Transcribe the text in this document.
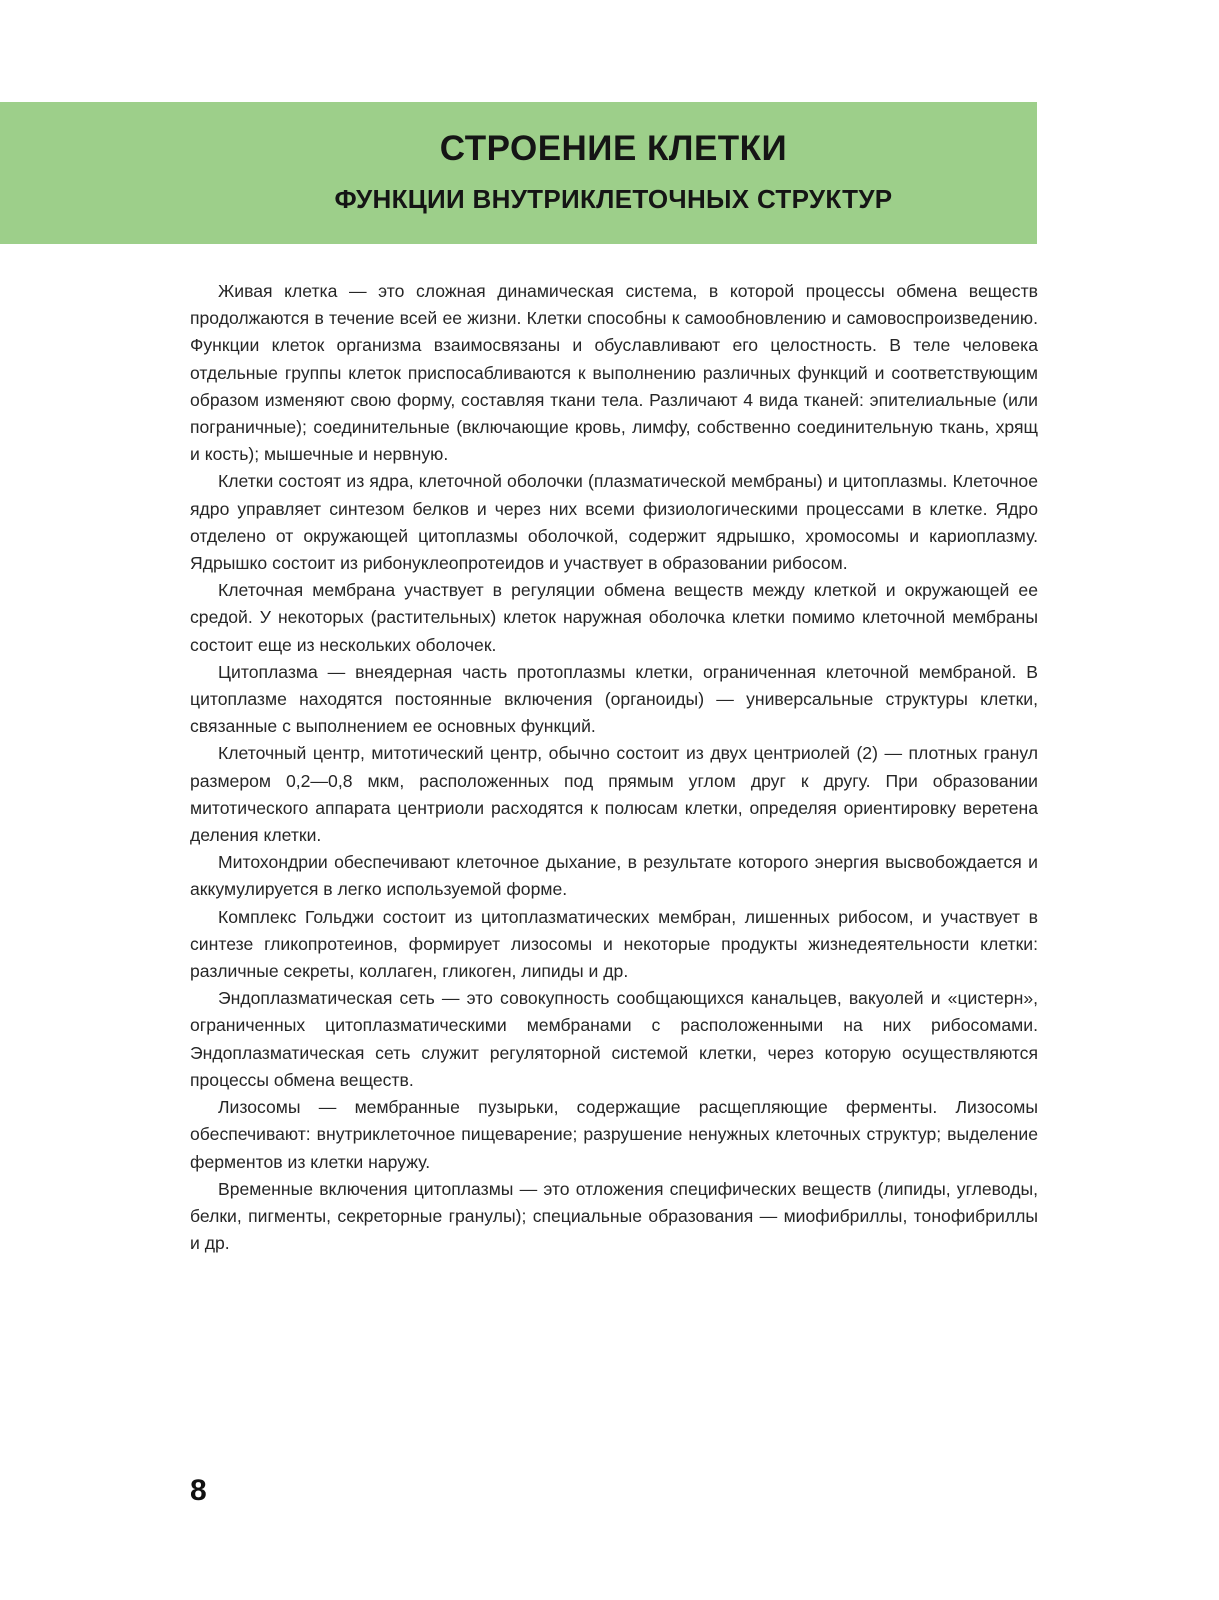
СТРОЕНИЕ КЛЕТКИ
ФУНКЦИИ ВНУТРИКЛЕТОЧНЫХ СТРУКТУР

Живая клетка — это сложная динамическая система, в которой процессы обмена веществ продолжаются в течение всей ее жизни. Клетки способны к самообновлению и самовоспроизведению. Функции клеток организма взаимосвязаны и обуславливают его целостность. В теле человека отдельные группы клеток приспосабливаются к выполнению различных функций и соответствующим образом изменяют свою форму, составляя ткани тела. Различают 4 вида тканей: эпителиальные (или пограничные); соединительные (включающие кровь, лимфу, собственно соединительную ткань, хрящ и кость); мышечные и нервную.

Клетки состоят из ядра, клеточной оболочки (плазматической мембраны) и цитоплазмы. Клеточное ядро управляет синтезом белков и через них всеми физиологическими процессами в клетке. Ядро отделено от окружающей цитоплазмы оболочкой, содержит ядрышко, хромосомы и кариоплазму. Ядрышко состоит из рибонуклеопротеидов и участвует в образовании рибосом.

Клеточная мембрана участвует в регуляции обмена веществ между клеткой и окружающей ее средой. У некоторых (растительных) клеток наружная оболочка клетки помимо клеточной мембраны состоит еще из нескольких оболочек.

Цитоплазма — внеядерная часть протоплазмы клетки, ограниченная клеточной мембраной. В цитоплазме находятся постоянные включения (органоиды) — универсальные структуры клетки, связанные с выполнением ее основных функций.

Клеточный центр, митотический центр, обычно состоит из двух центриолей (2) — плотных гранул размером 0,2—0,8 мкм, расположенных под прямым углом друг к другу. При образовании митотического аппарата центриоли расходятся к полюсам клетки, определяя ориентировку веретена деления клетки.

Митохондрии обеспечивают клеточное дыхание, в результате которого энергия высвобождается и аккумулируется в легко используемой форме.

Комплекс Гольджи состоит из цитоплазматических мембран, лишенных рибосом, и участвует в синтезе гликопротеинов, формирует лизосомы и некоторые продукты жизнедеятельности клетки: различные секреты, коллаген, гликоген, липиды и др.

Эндоплазматическая сеть — это совокупность сообщающихся канальцев, вакуолей и «цистерн», ограниченных цитоплазматическими мембранами с расположенными на них рибосомами. Эндоплазматическая сеть служит регуляторной системой клетки, через которую осуществляются процессы обмена веществ.

Лизосомы — мембранные пузырьки, содержащие расщепляющие ферменты. Лизосомы обеспечивают: внутриклеточное пищеварение; разрушение ненужных клеточных структур; выделение ферментов из клетки наружу.

Временные включения цитоплазмы — это отложения специфических веществ (липиды, углеводы, белки, пигменты, секреторные гранулы); специальные образования — миофибриллы, тонофибриллы и др.

8
